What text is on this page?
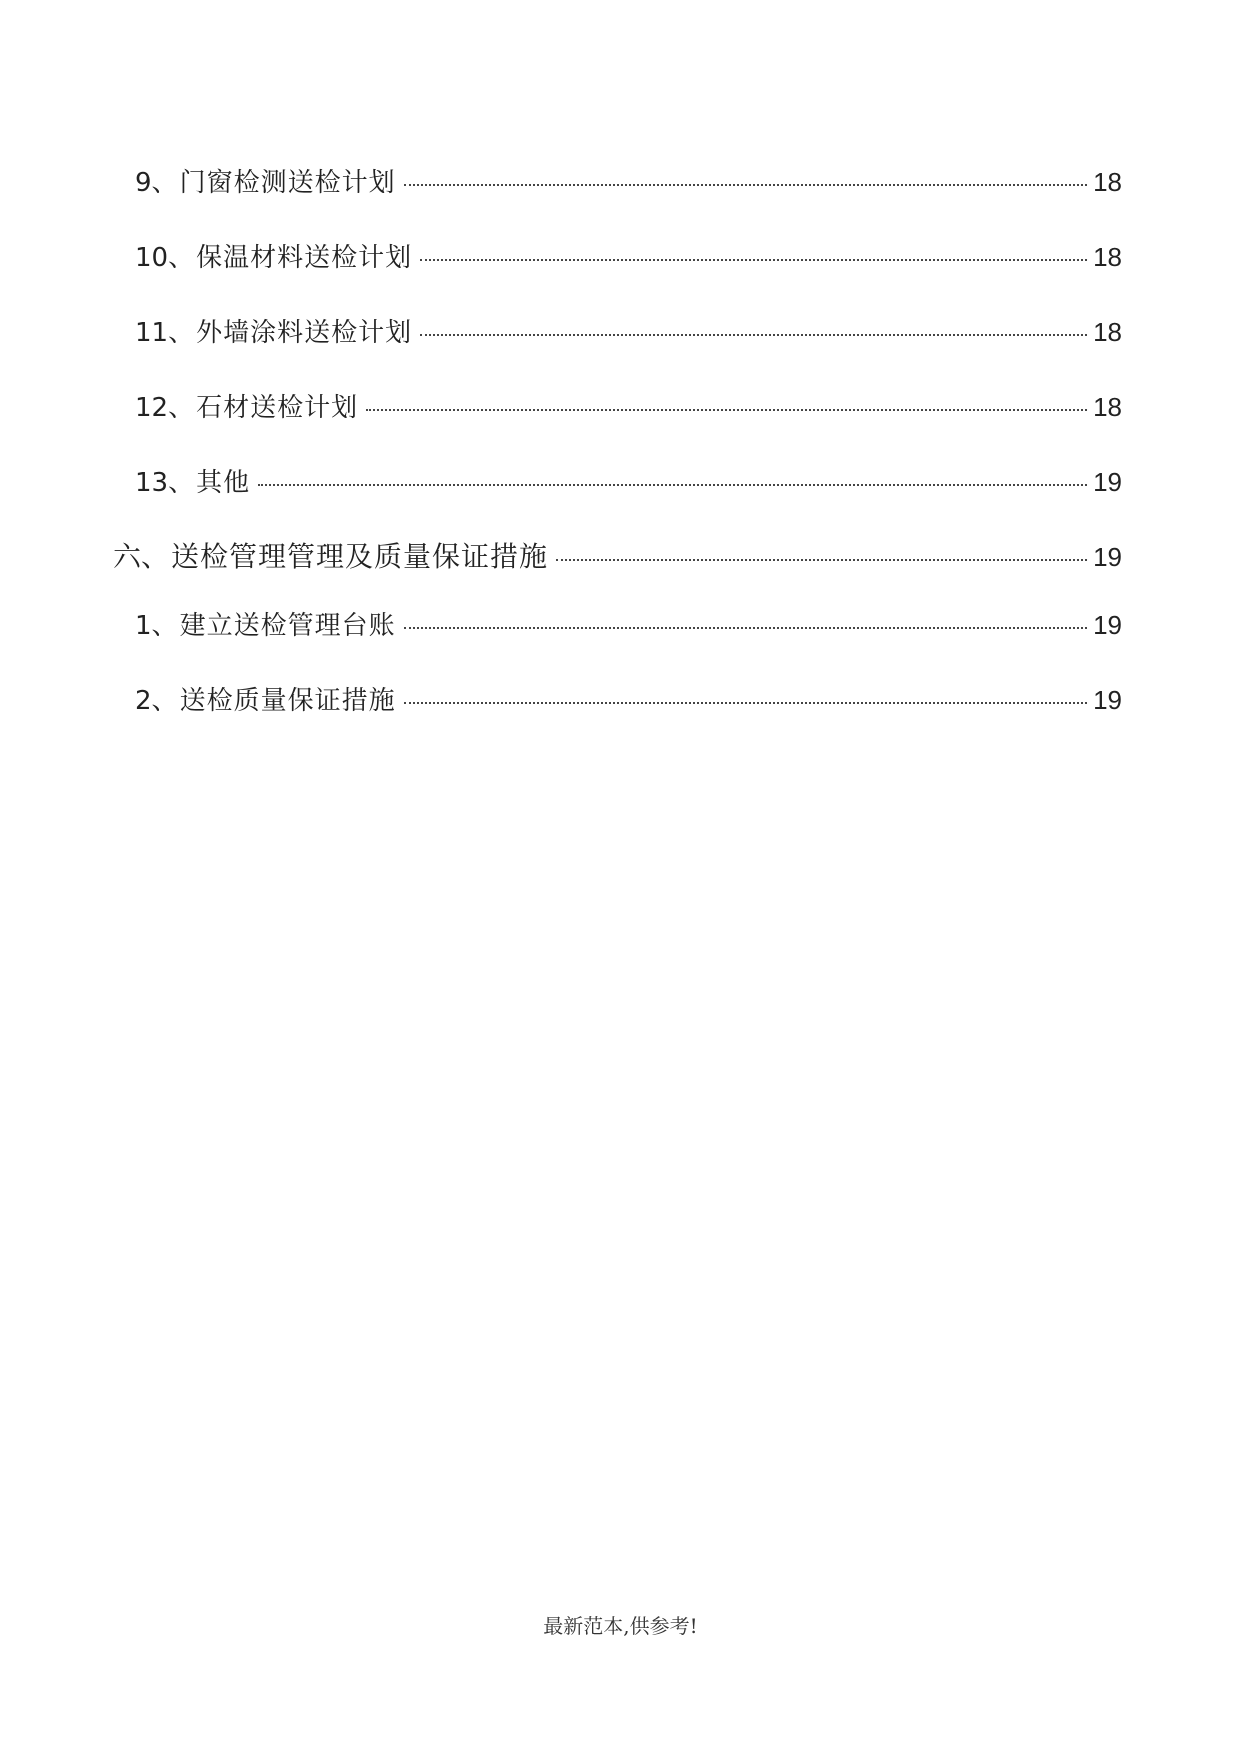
9 、 门窗检测送检计划	18
10 、 保温材料送检计划	18
11 、 外墙涂料送检计划	18
12 、 石材送检计划	18
13 、 其他	19
六 、 送检管理管理及质量保证措施	19
1 、 建立送检管理台账	19
2 、 送检质量保证措施	19
最新范本,供参考!
